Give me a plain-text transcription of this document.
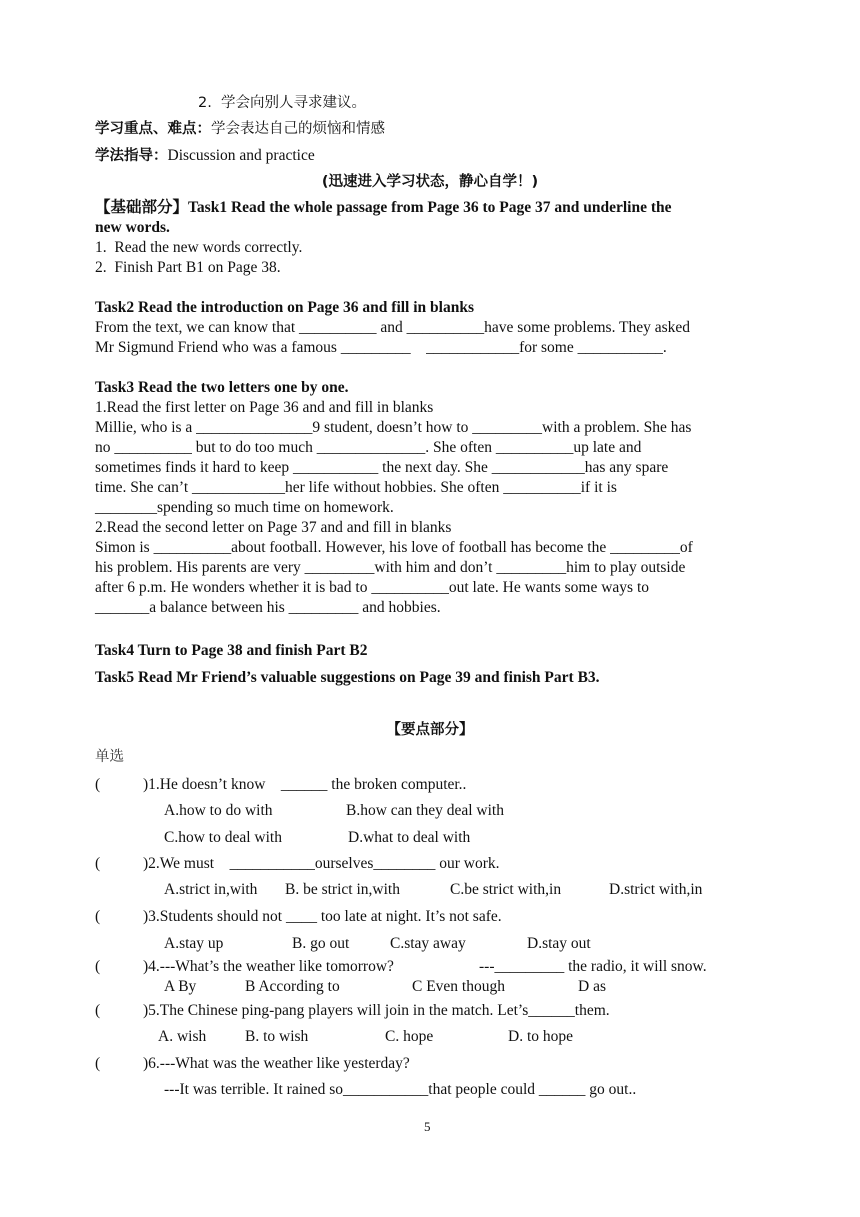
2.  学会向别人寻求建议。
学习重点、难点：学会表达自己的烦恼和情感
学法指导：Discussion and practice
(迅速进入学习状态，静心自学！)
【基础部分】Task1 Read the whole passage from Page 36 to Page 37 and underline the
new words.
1.  Read the new words correctly.
2.  Finish Part B1 on Page 38.
Task2 Read the introduction on Page 36 and fill in blanks
From the text, we can know that __________ and __________have some problems. They asked
Mr Sigmund Friend who was a famous _________    ____________for some ___________.
Task3 Read the two letters one by one.
1.Read the first letter on Page 36 and and fill in blanks
Millie, who is a _______________9 student, doesn’t how to _________with a problem. She has
no __________ but to do too much ______________. She often __________up late and
sometimes finds it hard to keep ___________ the next day. She ____________has any spare
time. She can’t ____________her life without hobbies. She often __________if it is
________spending so much time on homework.
2.Read the second letter on Page 37 and and fill in blanks
Simon is __________about football. However, his love of football has become the _________of
his problem. His parents are very _________with him and don’t _________him to play outside
after 6 p.m. He wonders whether it is bad to __________out late. He wants some ways to
_______a balance between his _________ and hobbies.
Task4 Turn to Page 38 and finish Part B2
Task5 Read Mr Friend’s valuable suggestions on Page 39 and finish Part B3.
【要点部分】
单选
(	)1.He doesn’t know    ______ the broken computer..
A.how to do with	B.how can they deal with
C.how to deal with	D.what to deal with
(	)2.We must    ___________ourselves________ our work.
A.strict in,with B. be strict in,with	C.be strict with,in	D.strict with,in
(	)3.Students should not ____ too late at night. It’s not safe.
A.stay up	B. go out	C.stay away	D.stay out
(	)4.---What’s the weather like tomorrow?	---_________ the radio, it will snow.
A By	B According to	C Even though	D as
(	)5.The Chinese ping-pang players will join in the match. Let’s______them.
A. wish	B. to wish	C. hope	D. to hope
(	)6.---What was the weather like yesterday?
---It was terrible. It rained so___________that people could ______ go out..
5
